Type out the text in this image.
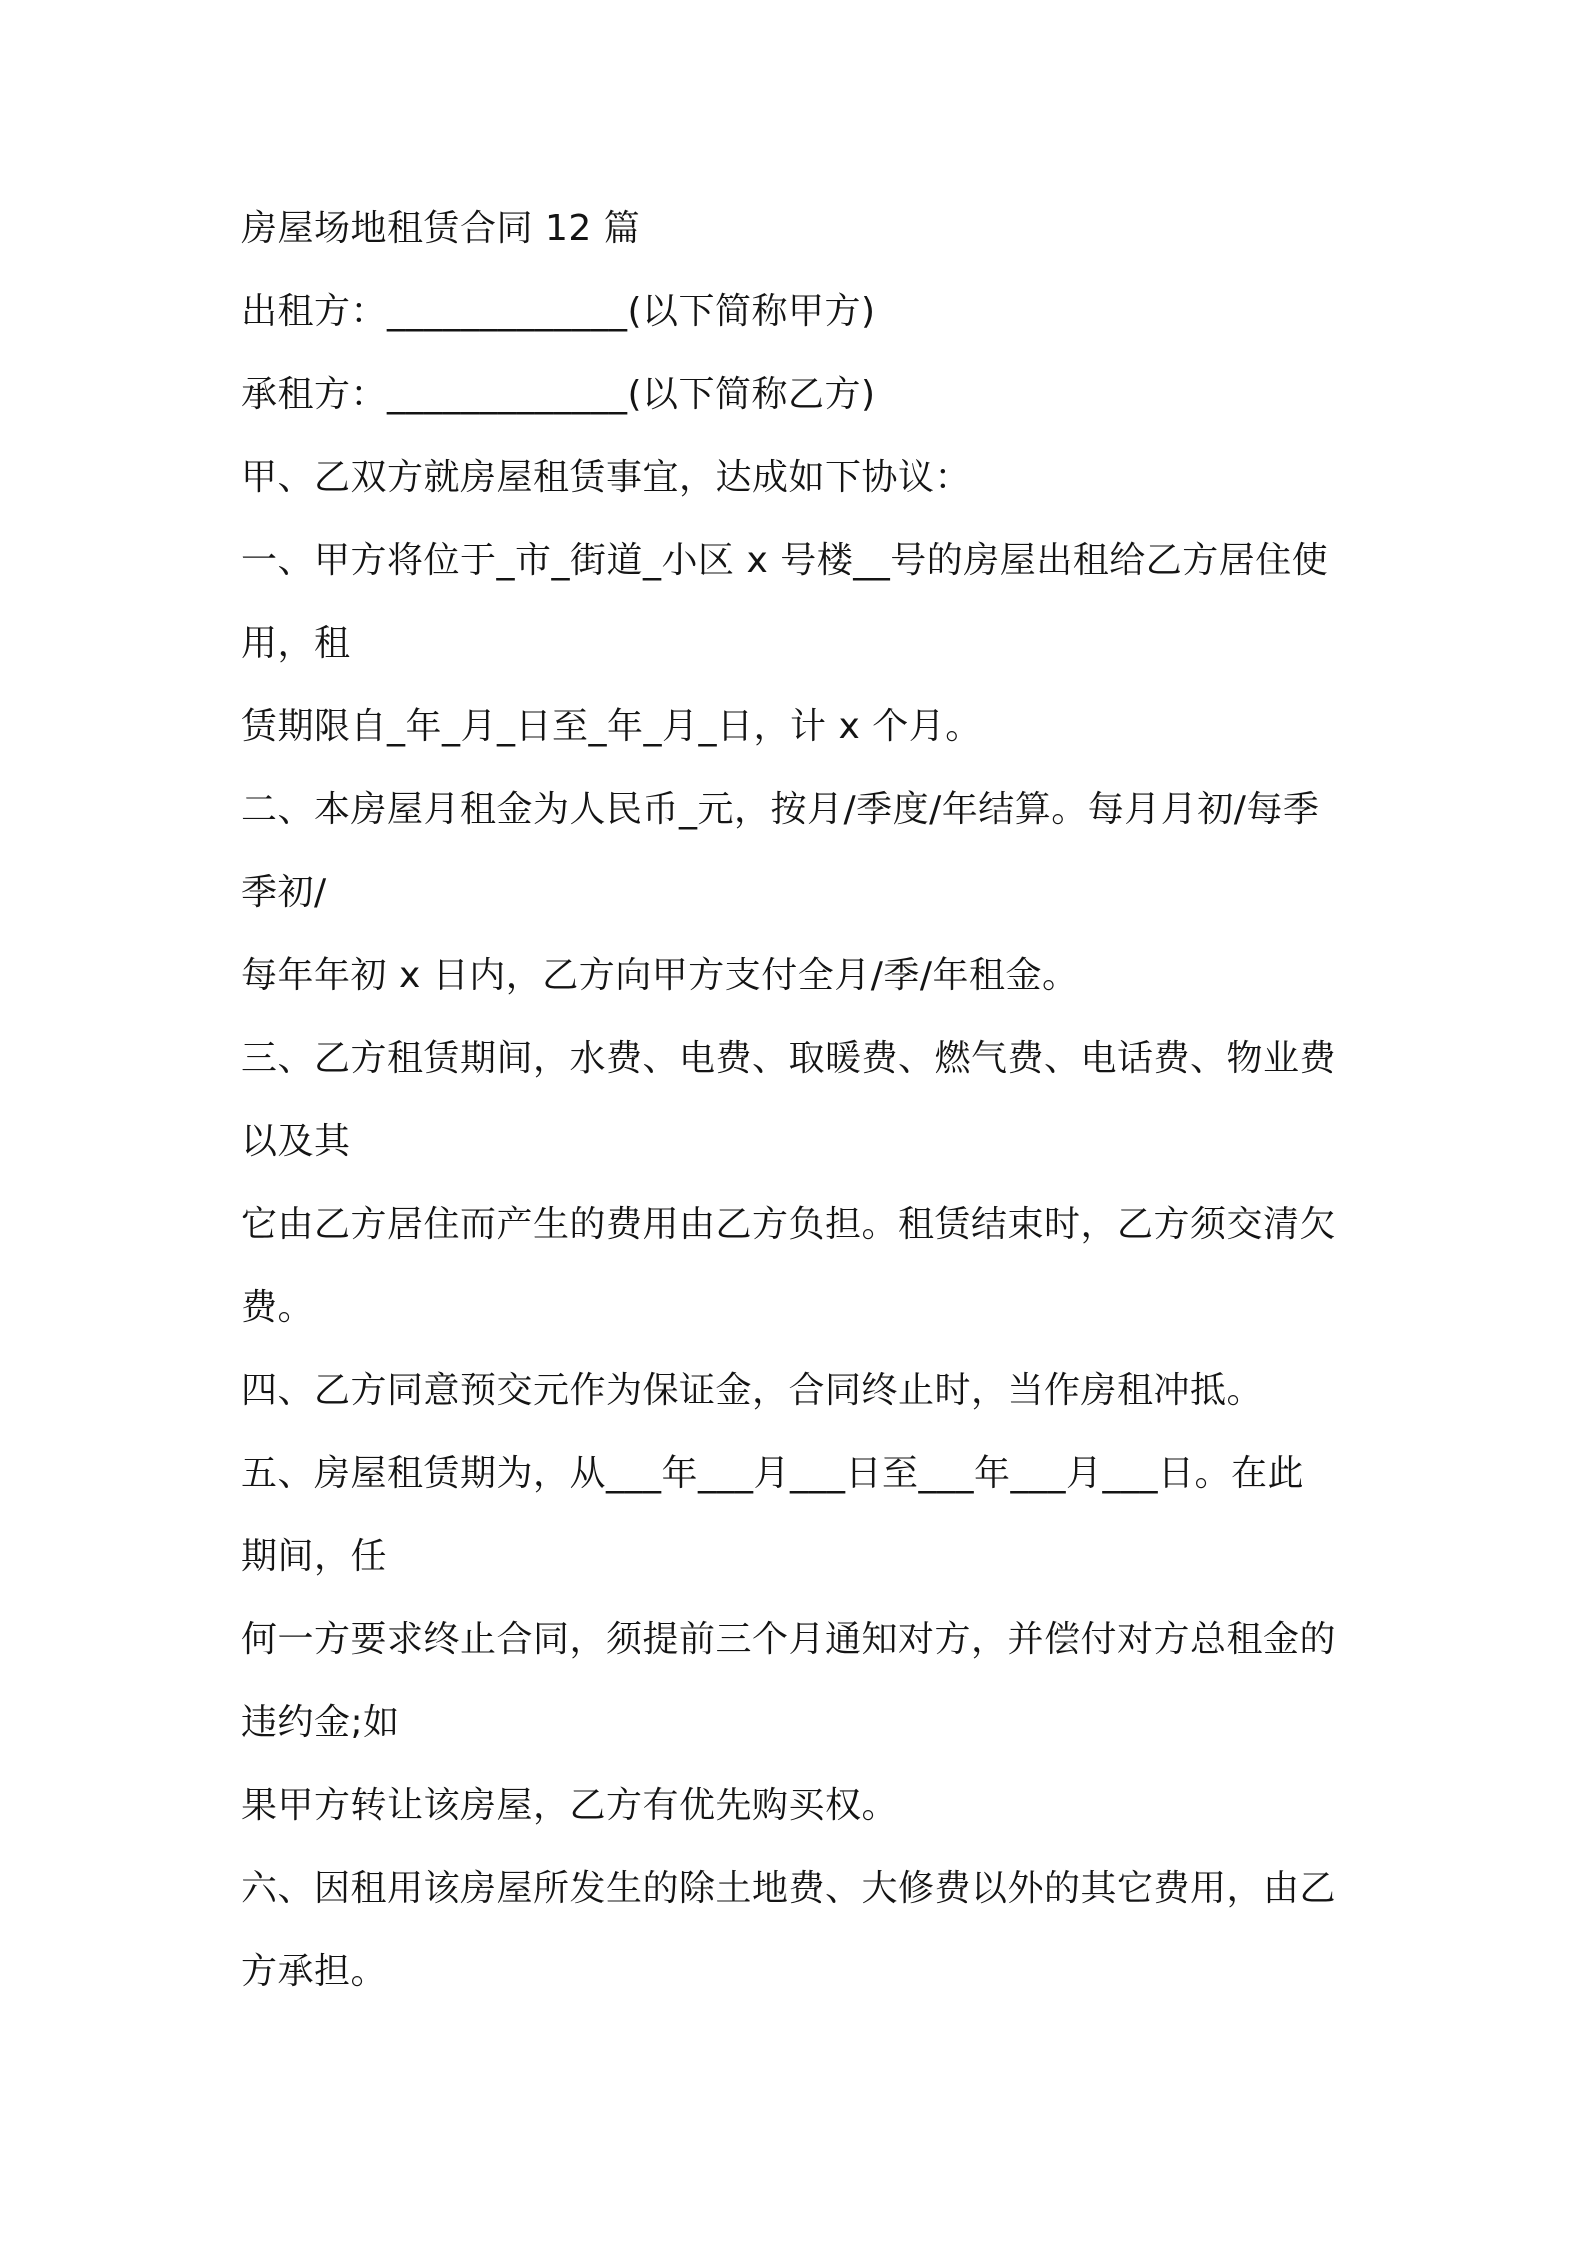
房屋场地租赁合同 12 篇
出租方：_____________(以下简称甲方)
承租方：_____________(以下简称乙方)
甲、乙双方就房屋租赁事宜，达成如下协议：
一、甲方将位于_市_街道_小区 x 号楼__号的房屋出租给乙方居住使
用，租
赁期限自_年_月_日至_年_月_日，计 x 个月。
二、本房屋月租金为人民币_元，按月/季度/年结算。每月月初/每季
季初/
每年年初 x 日内，乙方向甲方支付全月/季/年租金。
三、乙方租赁期间，水费、电费、取暖费、燃气费、电话费、物业费
以及其
它由乙方居住而产生的费用由乙方负担。租赁结束时，乙方须交清欠
费。
四、乙方同意预交元作为保证金，合同终止时，当作房租冲抵。
五、房屋租赁期为，从___年___月___日至___年___月___日。在此
期间，任
何一方要求终止合同，须提前三个月通知对方，并偿付对方总租金的
违约金;如
果甲方转让该房屋，乙方有优先购买权。
六、因租用该房屋所发生的除土地费、大修费以外的其它费用，由乙
方承担。
